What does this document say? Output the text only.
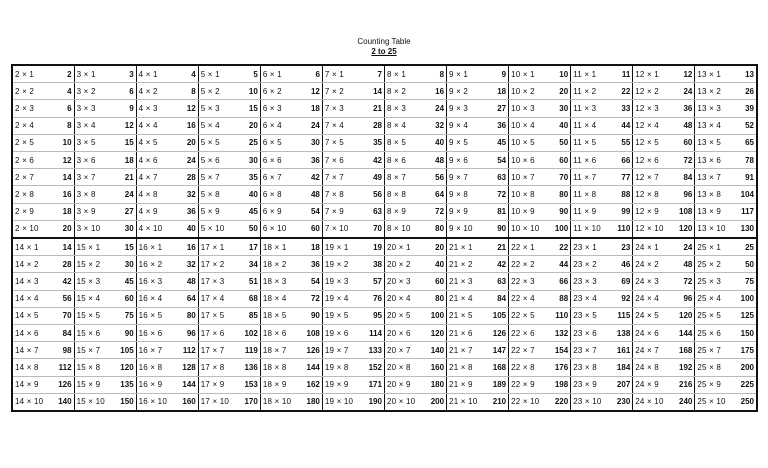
Counting Table
2 to 25
2 × 1 2	3 × 1 3	4 × 1 4	5 × 1 5	6 × 1 6	7 × 1 7	8 × 1 8	9 × 1 9	10 × 1 10	11 × 1 11	12 × 1 12	13 × 1 13

2 × 2 4	3 × 2 6	4 × 2 8	5 × 2 10	6 × 2 12	7 × 2 14	8 × 2 16	9 × 2 18	10 × 2 20	11 × 2 22	12 × 2 24	13 × 2 26

2 × 3 6	3 × 3 9	4 × 3 12	5 × 3 15	6 × 3 18	7 × 3 21	8 × 3 24	9 × 3 27	10 × 3 30	11 × 3 33	12 × 3 36	13 × 3 39

2 × 4 8	3 × 4 12	4 × 4 16	5 × 4 20	6 × 4 24	7 × 4 28	8 × 4 32	9 × 4 36	10 × 4 40	11 × 4 44	12 × 4 48	13 × 4 52

2 × 5 10	3 × 5 15	4 × 5 20	5 × 5 25	6 × 5 30	7 × 5 35	8 × 5 40	9 × 5 45	10 × 5 50	11 × 5 55	12 × 5 60	13 × 5 65

2 × 6 12	3 × 6 18	4 × 6 24	5 × 6 30	6 × 6 36	7 × 6 42	8 × 6 48	9 × 6 54	10 × 6 60	11 × 6 66	12 × 6 72	13 × 6 78

2 × 7 14	3 × 7 21	4 × 7 28	5 × 7 35	6 × 7 42	7 × 7 49	8 × 7 56	9 × 7 63	10 × 7 70	11 × 7 77	12 × 7 84	13 × 7 91

2 × 8 16	3 × 8 24	4 × 8 32	5 × 8 40	6 × 8 48	7 × 8 56	8 × 8 64	9 × 8 72	10 × 8 80	11 × 8 88	12 × 8 96	13 × 8 104

2 × 9 18	3 × 9 27	4 × 9 36	5 × 9 45	6 × 9 54	7 × 9 63	8 × 9 72	9 × 9 81	10 × 9 90	11 × 9 99	12 × 9 108	13 × 9 117

2 × 10 20	3 × 10 30	4 × 10 40	5 × 10 50	6 × 10 60	7 × 10 70	8 × 10 80	9 × 10 90	10 × 10 100	11 × 10 110	12 × 10 120	13 × 10 130
14 × 1 14	15 × 1 15	16 × 1 16	17 × 1 17	18 × 1 18	19 × 1 19	20 × 1 20	21 × 1 21	22 × 1 22	23 × 1 23	24 × 1 24	25 × 1 25

14 × 2 28	15 × 2 30	16 × 2 32	17 × 2 34	18 × 2 36	19 × 2 38	20 × 2 40	21 × 2 42	22 × 2 44	23 × 2 46	24 × 2 48	25 × 2 50

14 × 3 42	15 × 3 45	16 × 3 48	17 × 3 51	18 × 3 54	19 × 3 57	20 × 3 60	21 × 3 63	22 × 3 66	23 × 3 69	24 × 3 72	25 × 3 75

14 × 4 56	15 × 4 60	16 × 4 64	17 × 4 68	18 × 4 72	19 × 4 76	20 × 4 80	21 × 4 84	22 × 4 88	23 × 4 92	24 × 4 96	25 × 4 100

14 × 5 70	15 × 5 75	16 × 5 80	17 × 5 85	18 × 5 90	19 × 5 95	20 × 5 100	21 × 5 105	22 × 5 110	23 × 5 115	24 × 5 120	25 × 5 125

14 × 6 84	15 × 6 90	16 × 6 96	17 × 6 102	18 × 6 108	19 × 6 114	20 × 6 120	21 × 6 126	22 × 6 132	23 × 6 138	24 × 6 144	25 × 6 150

14 × 7 98	15 × 7 105	16 × 7 112	17 × 7 119	18 × 7 126	19 × 7 133	20 × 7 140	21 × 7 147	22 × 7 154	23 × 7 161	24 × 7 168	25 × 7 175

14 × 8 112	15 × 8 120	16 × 8 128	17 × 8 136	18 × 8 144	19 × 8 152	20 × 8 160	21 × 8 168	22 × 8 176	23 × 8 184	24 × 8 192	25 × 8 200

14 × 9 126	15 × 9 135	16 × 9 144	17 × 9 153	18 × 9 162	19 × 9 171	20 × 9 180	21 × 9 189	22 × 9 198	23 × 9 207	24 × 9 216	25 × 9 225

14 × 10 140	15 × 10 150	16 × 10 160	17 × 10 170	18 × 10 180	19 × 10 190	20 × 10 200	21 × 10 210	22 × 10 220	23 × 10 230	24 × 10 240	25 × 10 250
